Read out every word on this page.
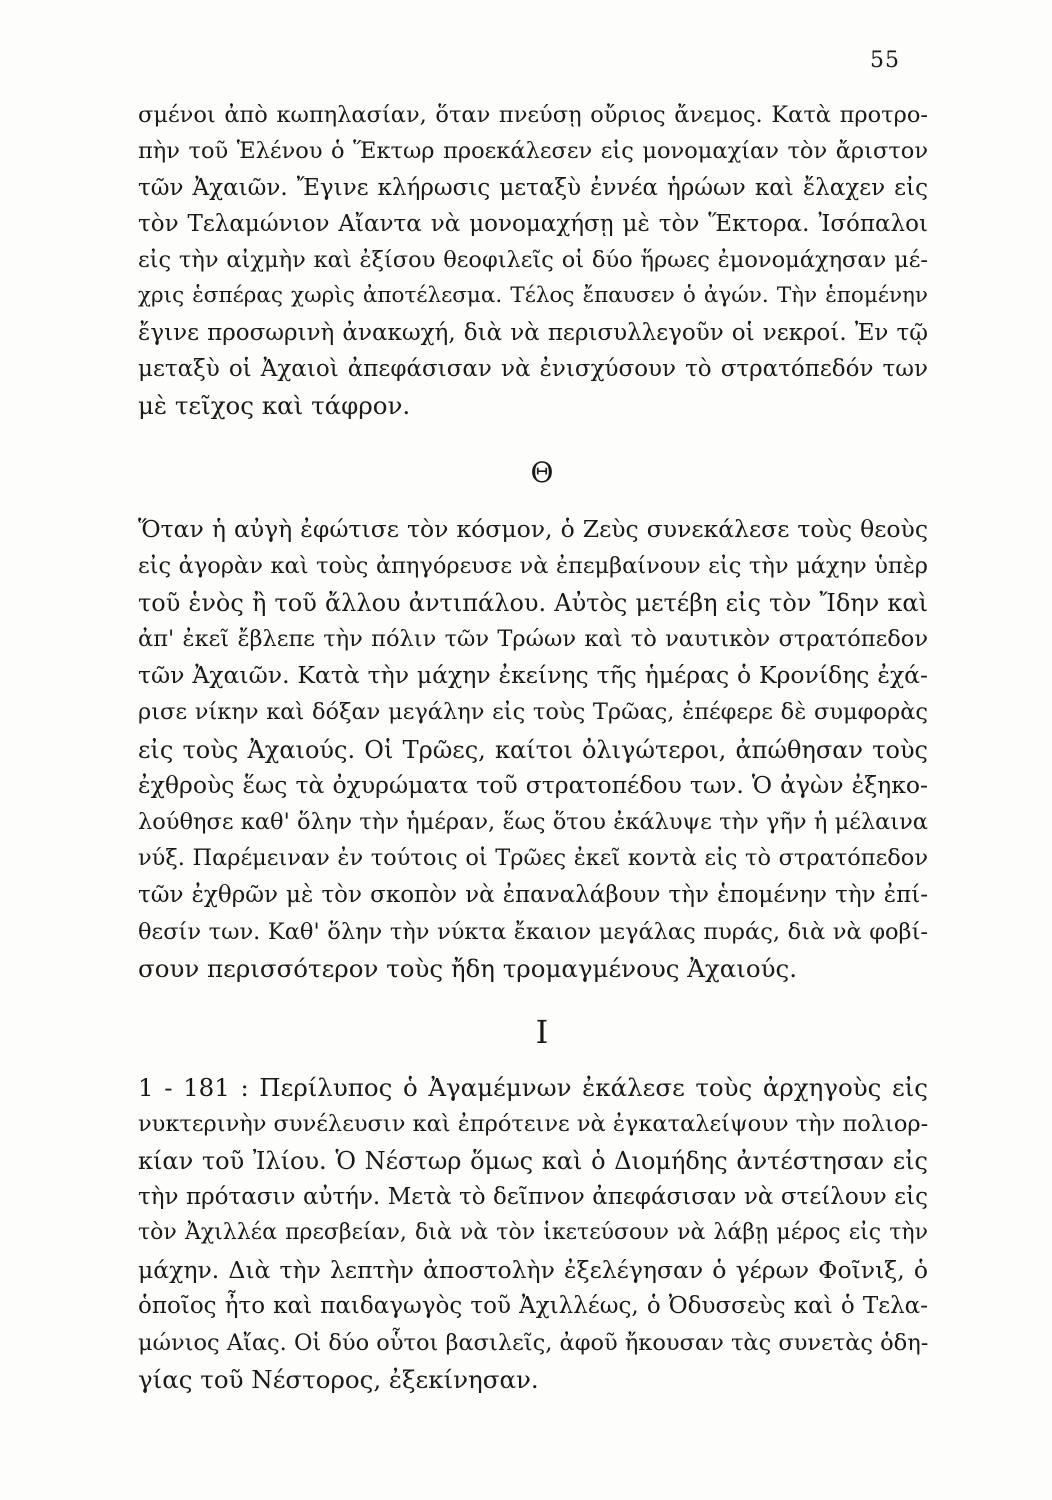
55
σμένοι ἀπὸ κωπηλασίαν, ὅταν πνεύσῃ οὔριος ἄνεμος. Κατὰ προτρο-
πὴν τοῦ Ἑλένου ὁ Ἕκτωρ προεκάλεσεν εἰς μονομαχίαν τὸν ἄριστον
τῶν Ἀχαιῶν. Ἔγινε κλήρωσις μεταξὺ ἐννέα ἡρώων καὶ ἔλαχεν εἰς
τὸν Τελαμώνιον Αἴαντα νὰ μονομαχήσῃ μὲ τὸν Ἕκτορα. Ἰσόπαλοι
εἰς τὴν αἰχμὴν καὶ ἐξίσου θεοφιλεῖς οἱ δύο ἥρωες ἐμονομάχησαν μέ-
χρις ἑσπέρας χωρὶς ἀποτέλεσμα. Τέλος ἔπαυσεν ὁ ἀγών. Τὴν ἑπομένην
ἔγινε προσωρινὴ ἀνακωχή, διὰ νὰ περισυλλεγοῦν οἱ νεκροί. Ἐν τῷ
μεταξὺ οἱ Ἀχαιοὶ ἀπεφάσισαν νὰ ἐνισχύσουν τὸ στρατόπεδόν των
μὲ τεῖχος καὶ τάφρον.
Θ
Ὅταν ἡ αὐγὴ ἐφώτισε τὸν κόσμον, ὁ Ζεὺς συνεκάλεσε τοὺς θεοὺς
εἰς ἀγορὰν καὶ τοὺς ἀπηγόρευσε νὰ ἐπεμβαίνουν εἰς τὴν μάχην ὑπὲρ
τοῦ ἑνὸς ἢ τοῦ ἄλλου ἀντιπάλου. Αὐτὸς μετέβη εἰς τὸν Ἴδην καὶ
ἀπ' ἐκεῖ ἔβλεπε τὴν πόλιν τῶν Τρώων καὶ τὸ ναυτικὸν στρατόπεδον
τῶν Ἀχαιῶν. Κατὰ τὴν μάχην ἐκείνης τῆς ἡμέρας ὁ Κρονίδης ἐχά-
ρισε νίκην καὶ δόξαν μεγάλην εἰς τοὺς Τρῶας, ἐπέφερε δὲ συμφορὰς
εἰς τοὺς Ἀχαιούς. Οἱ Τρῶες, καίτοι ὀλιγώτεροι, ἀπώθησαν τοὺς
ἐχθροὺς ἕως τὰ ὀχυρώματα τοῦ στρατοπέδου των. Ὁ ἀγὼν ἐξηκο-
λούθησε καθ' ὅλην τὴν ἡμέραν, ἕως ὅτου ἐκάλυψε τὴν γῆν ἡ μέλαινα
νύξ. Παρέμειναν ἐν τούτοις οἱ Τρῶες ἐκεῖ κοντὰ εἰς τὸ στρατόπεδον
τῶν ἐχθρῶν μὲ τὸν σκοπὸν νὰ ἐπαναλάβουν τὴν ἑπομένην τὴν ἐπί-
θεσίν των. Καθ' ὅλην τὴν νύκτα ἔκαιον μεγάλας πυράς, διὰ νὰ φοβί-
σουν περισσότερον τοὺς ἤδη τρομαγμένους Ἀχαιούς.
Ι
1 - 181 : Περίλυπος ὁ Ἀγαμέμνων ἐκάλεσε τοὺς ἀρχηγοὺς εἰς
νυκτερινὴν συνέλευσιν καὶ ἐπρότεινε νὰ ἐγκαταλείψουν τὴν πολιορ-
κίαν τοῦ Ἰλίου. Ὁ Νέστωρ ὅμως καὶ ὁ Διομήδης ἀντέστησαν εἰς
τὴν πρότασιν αὐτήν. Μετὰ τὸ δεῖπνον ἀπεφάσισαν νὰ στείλουν εἰς
τὸν Ἀχιλλέα πρεσβείαν, διὰ νὰ τὸν ἱκετεύσουν νὰ λάβῃ μέρος εἰς τὴν
μάχην. Διὰ τὴν λεπτὴν ἀποστολὴν ἐξελέγησαν ὁ γέρων Φοῖνιξ, ὁ
ὁποῖος ἦτο καὶ παιδαγωγὸς τοῦ Ἀχιλλέως, ὁ Ὀδυσσεὺς καὶ ὁ Τελα-
μώνιος Αἴας. Οἱ δύο οὗτοι βασιλεῖς, ἀφοῦ ἤκουσαν τὰς συνετὰς ὁδη-
γίας τοῦ Νέστορος, ἐξεκίνησαν.
